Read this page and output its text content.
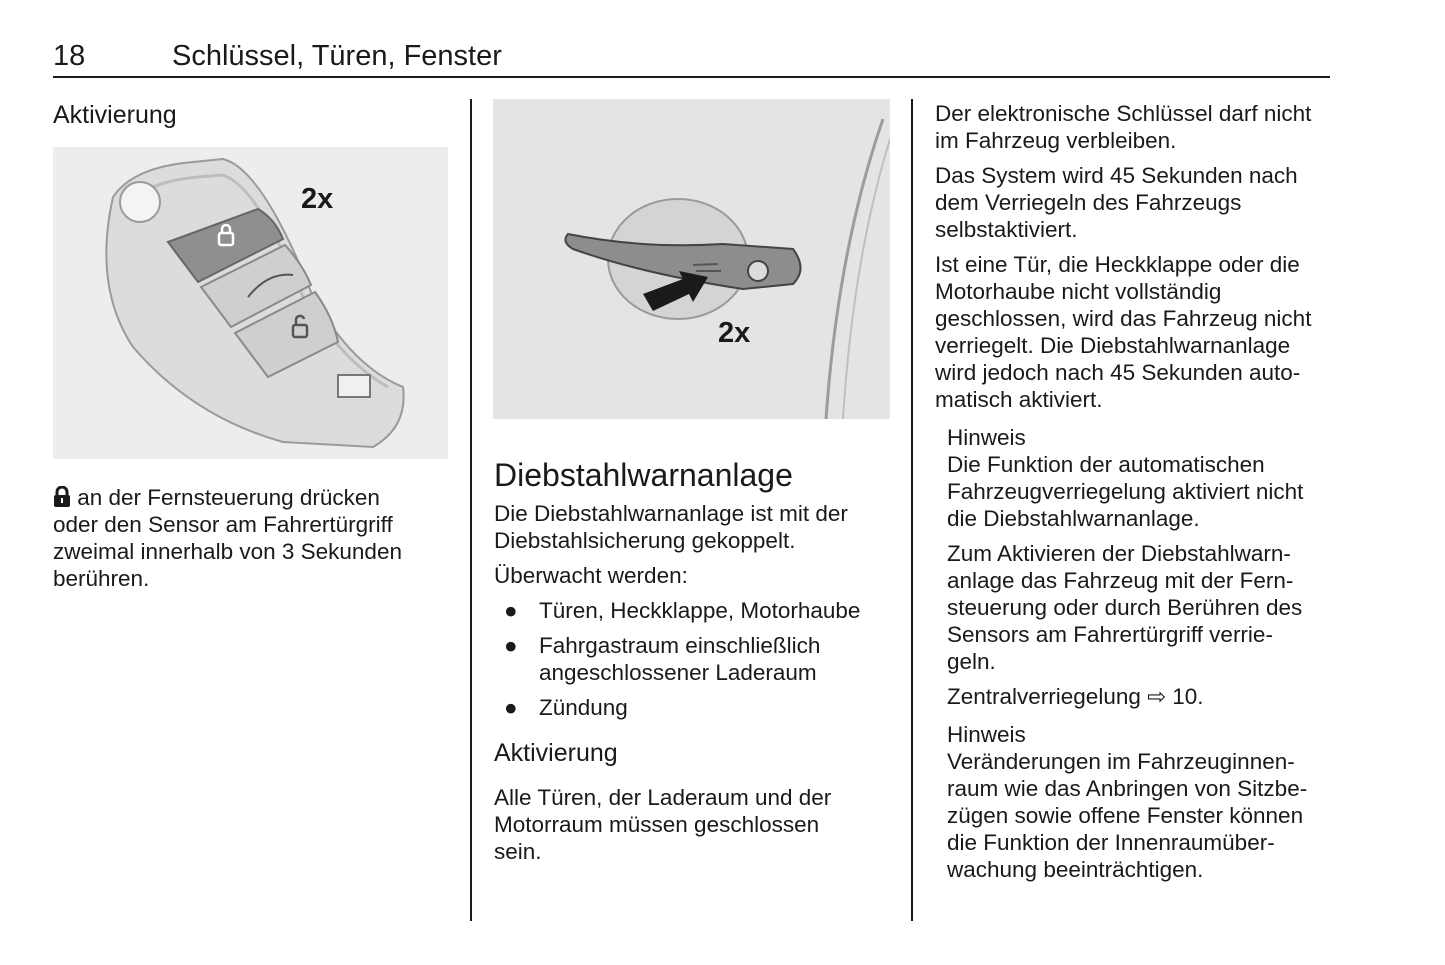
18	Schlüssel, Türen, Fenster
Aktivierung
2x

an der Fernsteuerung drücken
oder den Sensor am Fahrertürgriff
zweimal innerhalb von 3 Sekunden
berühren.

2x
Diebstahlwarnanlage

Die Diebstahlwarnanlage ist mit der
Diebstahlsicherung gekoppelt.

Überwacht werden:

● Türen, Heckklappe, Motorhaube
● Fahrgastraum einschließlich
angeschlossener Laderaum
● Zündung
Aktivierung

Alle Türen, der Laderaum und der
Motorraum müssen geschlossen
sein.

Der elektronische Schlüssel darf nicht
im Fahrzeug verbleiben.

Das System wird 45 Sekunden nach
dem Verriegeln des Fahrzeugs
selbstaktiviert.

Ist eine Tür, die Heckklappe oder die
Motorhaube nicht vollständig
geschlossen, wird das Fahrzeug nicht
verriegelt. Die Diebstahlwarnanlage
wird jedoch nach 45 Sekunden auto-
matisch aktiviert.

Hinweis

Die Funktion der automatischen
Fahrzeugverriegelung aktiviert nicht
die Diebstahlwarnanlage.

Zum Aktivieren der Diebstahlwarn-
anlage das Fahrzeug mit der Fern-
steuerung oder durch Berühren des
Sensors am Fahrertürgriff verrie-
geln.

Zentralverriegelung ⇨ 10.

Hinweis

Veränderungen im Fahrzeuginnen-
raum wie das Anbringen von Sitzbe-
zügen sowie offene Fenster können
die Funktion der Innenraumüber-
wachung beeinträchtigen.
